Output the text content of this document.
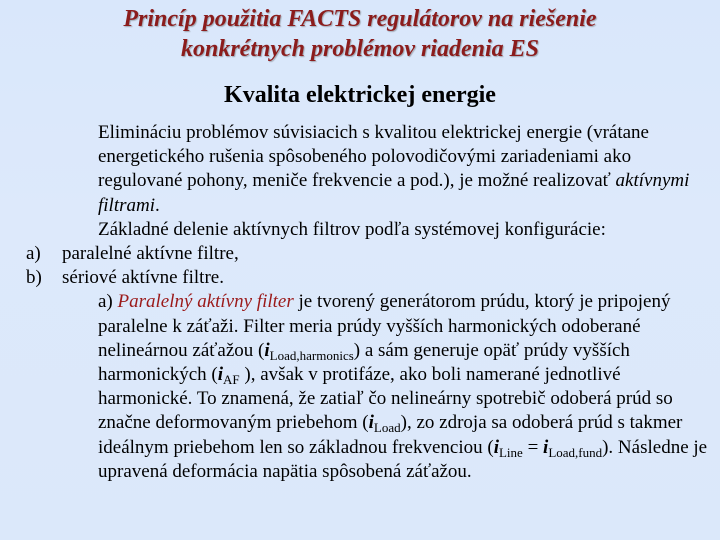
Princíp použitia FACTS regulátorov na riešenie
konkrétnych problémov riadenia ES
Kvalita elektrickej energie

Elimináciu problémov súvisiacich s kvalitou elektrickej energie (vrátane energetického rušenia spôsobeného polovodičovými zariadeniami ako regulované pohony, meniče frekvencie a pod.), je možné realizovať aktívnymi filtrami.

Základné delenie aktívnych filtrov podľa systémovej konfigurácie:

a)	paralelné aktívne filtre,
b)	sériové aktívne filtre.

a) Paralelný aktívny filter je tvorený generátorom prúdu, ktorý je pripojený paralelne k záťaži. Filter meria prúdy vyšších harmonických odoberané nelineárnou záťažou $(i_{Load,harmonics})$ a sám generuje opäť prúdy vyšších harmonických ($i_{AF}$ ), avšak v protifáze, ako boli namerané jednotlivé harmonické. To znamená, že zatiaľ čo nelineárny spotrebič odoberá prúd so značne deformovaným priebehom $(i_{Load})$, zo zdroja sa odoberá prúd s takmer ideálnym priebehom len so základnou frekvenciou $(i_{Line} = i_{Load,fund})$. Následne je upravená deformácia napätia spôsobená záťažou.
